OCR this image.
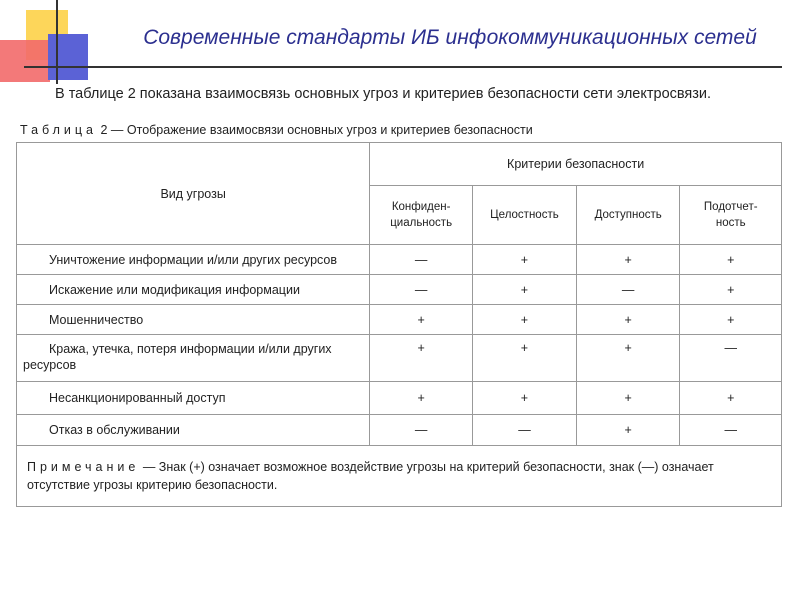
Современные стандарты ИБ инфокоммуникационных сетей
В таблице 2 показана взаимосвязь основных угроз и критериев безопасности сети электросвязи.
Таблица 2 — Отображение взаимосвязи основных угроз и критериев безопасности
Вид угрозы	Критерии безопасности			
	Конфиден-
циальность	Целостность	Доступность	Подотчет-
ность
Уничтожение информации и/или других ресурсов	—	+	+	+
Искажение или модификация информации	—	+	—	+
Мошенничество	+	+	+	+

Кража, утечка, потеря информации и/или других
ресурсов	+	+	+	—
Несанкционированный доступ	+	+	+	+
Отказ в обслуживании	—	—	+	—
Примечание — Знак (+) означает возможное воздействие угрозы на критерий безопасности, знак (—) означает отсутствие угрозы критерию безопасности.				
